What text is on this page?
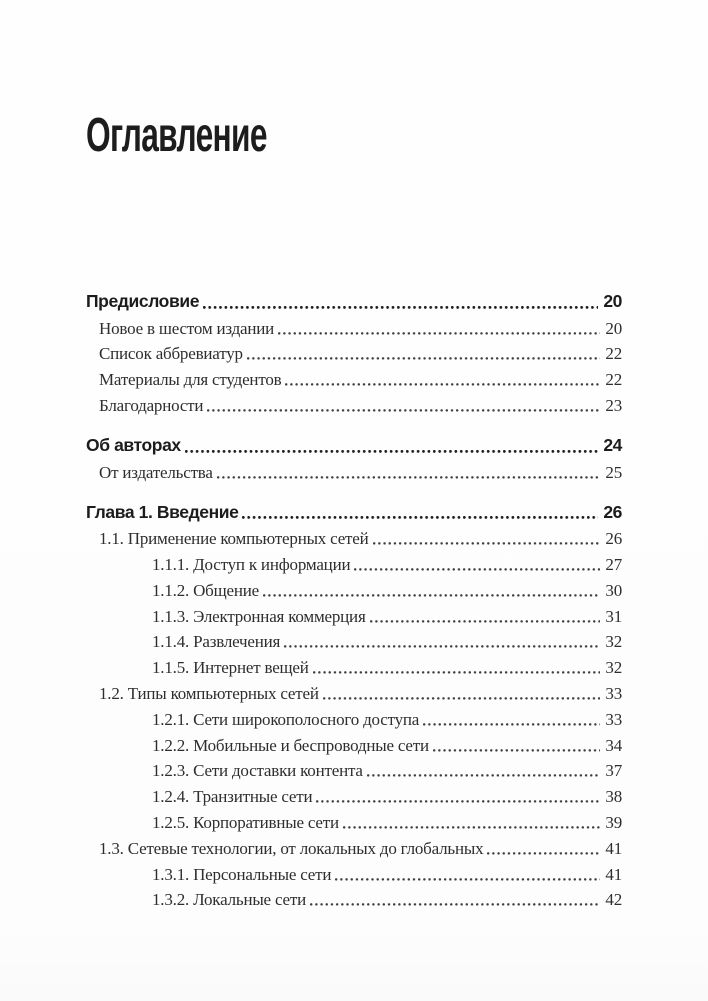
Оглавление
Предисловие	20
Новое в шестом издании	20
Список аббревиатур	22
Материалы для студентов	22
Благодарности	23
Об авторах	24
От издательства	25
Глава 1. Введение	26
1.1. Применение компьютерных сетей	26
1.1.1. Доступ к информации	27
1.1.2. Общение	30
1.1.3. Электронная коммерция	31
1.1.4. Развлечения	32
1.1.5. Интернет вещей	32
1.2. Типы компьютерных сетей	33
1.2.1. Сети широкополосного доступа	33
1.2.2. Мобильные и беспроводные сети	34
1.2.3. Сети доставки контента	37
1.2.4. Транзитные сети	38
1.2.5. Корпоративные сети	39
1.3. Сетевые технологии, от локальных до глобальных	41
1.3.1. Персональные сети	41
1.3.2. Локальные сети	42
